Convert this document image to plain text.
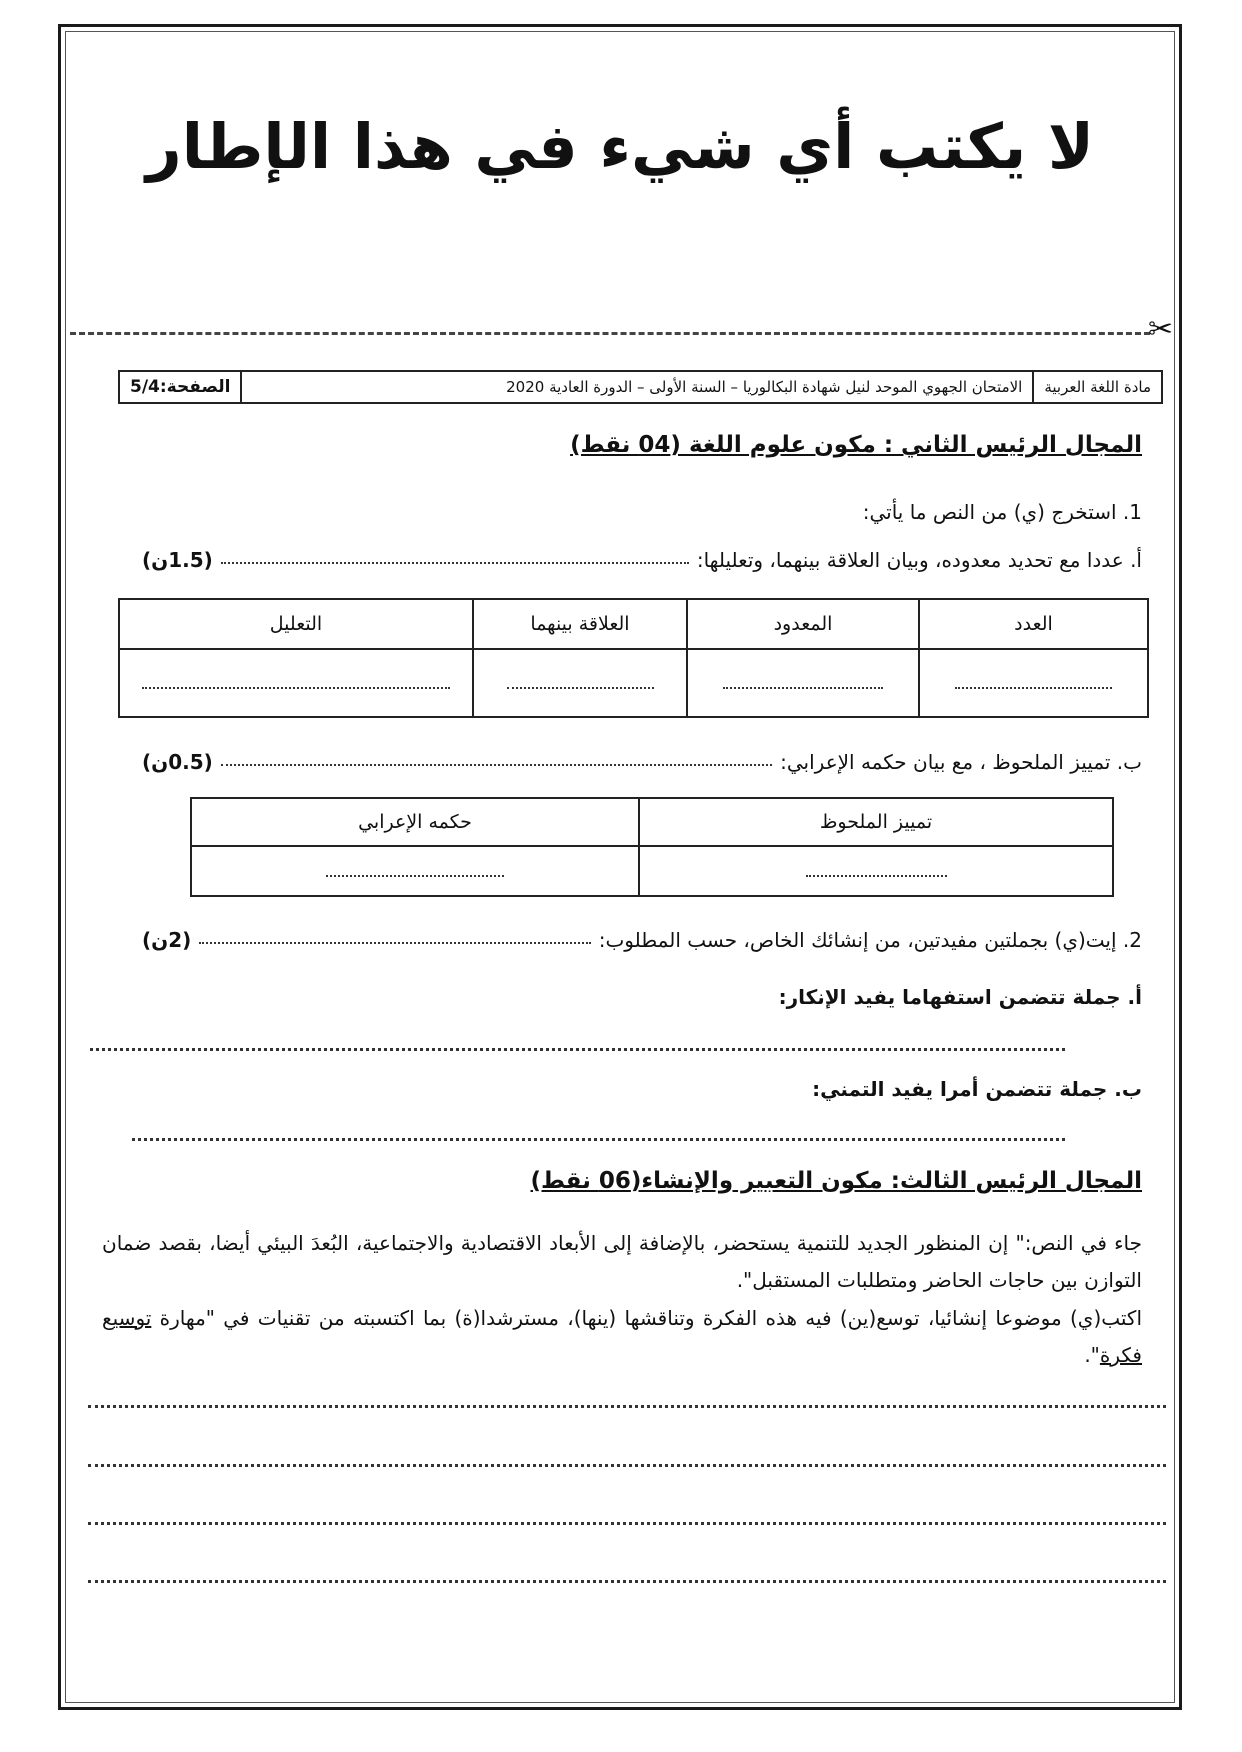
لا يكتب أي شيء في هذا الإطار
✂
مادة اللغة العربية
الامتحان الجهوي الموحد لنيل شهادة البكالوريا – السنة الأولى – الدورة العادية 2020
الصفحة:5/4
المجال الرئيس الثاني : مكون علوم اللغة (04 نقط)
1. استخرج (ي) من النص ما يأتي:
أ. عددا مع تحديد معدوده، وبيان العلاقة بينهما، وتعليلها:
(1.5ن)
العدد	المعدود	العلاقة بينهما	التعليل

ب. تمييز الملحوظ ، مع بيان حكمه الإعرابي:
(0.5ن)
تمييز الملحوظ	حكمه الإعرابي

2. إيت(ي) بجملتين مفيدتين، من إنشائك الخاص، حسب المطلوب:
(2ن)
أ. جملة تتضمن استفهاما يفيد الإنكار:
ب. جملة تتضمن أمرا يفيد التمني:
المجال الرئيس الثالث: مكون التعبير والإنشاء(06 نقط)
جاء في النص:" إن المنظور الجديد للتنمية يستحضر، بالإضافة إلى الأبعاد الاقتصادية والاجتماعية، البُعدَ البيئي أيضا، بقصد ضمان التوازن بين حاجات الحاضر ومتطلبات المستقبل".
اكتب(ي) موضوعا إنشائيا، توسع(ين) فيه هذه الفكرة وتناقشها (ينها)، مسترشدا(ة) بما اكتسبته من تقنيات في "مهارة توسيع فكرة".
